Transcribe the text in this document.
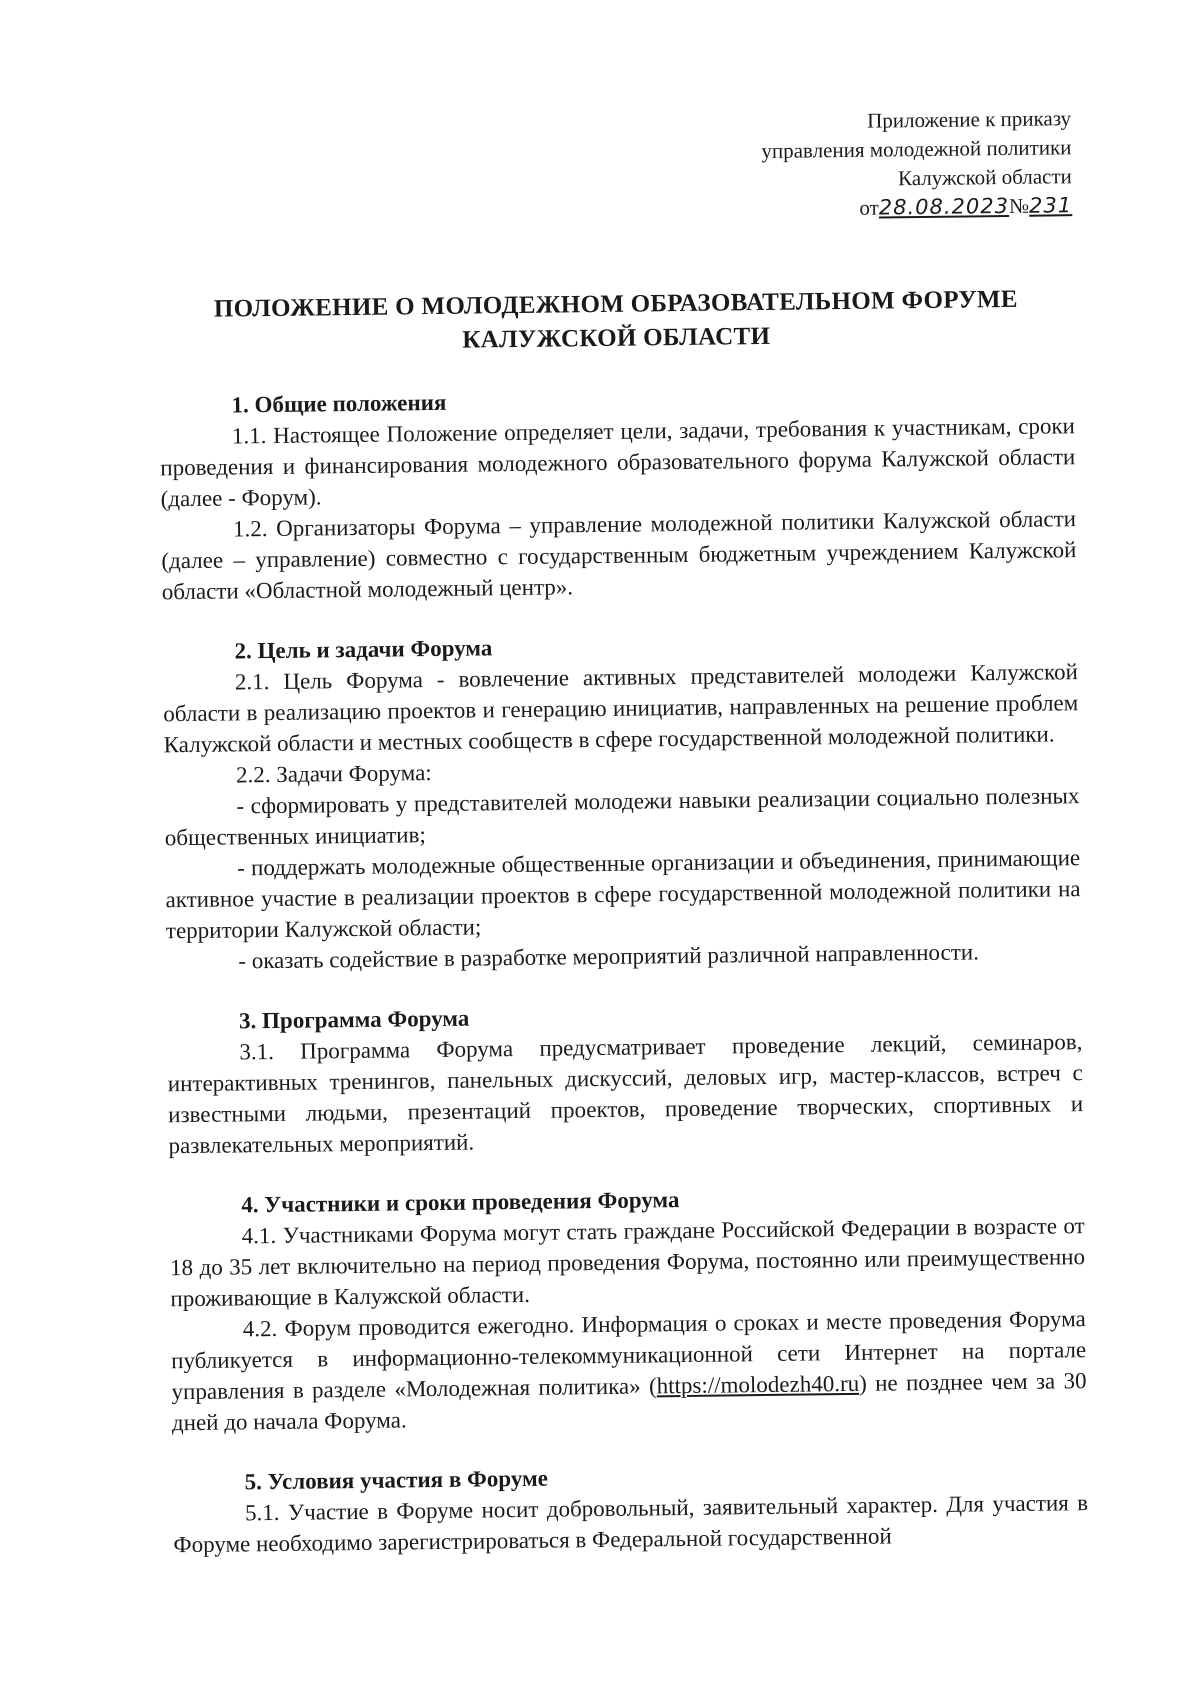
Приложение к приказу
управления молодежной политики
Калужской области
от28.08.2023№231
ПОЛОЖЕНИЕ О МОЛОДЕЖНОМ ОБРАЗОВАТЕЛЬНОМ ФОРУМЕ
КАЛУЖСКОЙ ОБЛАСТИ
1. Общие положения

1.1. Настоящее Положение определяет цели, задачи, требования к участникам, сроки проведения и финансирования молодежного образовательного форума Калужской области (далее - Форум).

1.2. Организаторы Форума – управление молодежной политики Калужской области (далее – управление) совместно с государственным бюджетным учреждением Калужской области «Областной молодежный центр».

2. Цель и задачи Форума

2.1. Цель Форума - вовлечение активных представителей молодежи Калужской области в реализацию проектов и генерацию инициатив, направленных на решение проблем Калужской области и местных сообществ в сфере государственной молодежной политики.

2.2. Задачи Форума:

- сформировать у представителей молодежи навыки реализации социально полезных общественных инициатив;

- поддержать молодежные общественные организации и объединения, принимающие активное участие в реализации проектов в сфере государственной молодежной политики на территории Калужской области;

- оказать содействие в разработке мероприятий различной направленности.

3. Программа Форума

3.1. Программа Форума предусматривает проведение лекций, семинаров, интерактивных тренингов, панельных дискуссий, деловых игр, мастер-классов, встреч с известными людьми, презентаций проектов, проведение творческих, спортивных и развлекательных мероприятий.

4. Участники и сроки проведения Форума

4.1. Участниками Форума могут стать граждане Российской Федерации в возрасте от 18 до 35 лет включительно на период проведения Форума, постоянно или преимущественно проживающие в Калужской области.

4.2. Форум проводится ежегодно. Информация о сроках и месте проведения Форума публикуется в информационно-телекоммуникационной сети Интернет на портале управления в разделе «Молодежная политика» (https://molodezh40.ru) не позднее чем за 30 дней до начала Форума.

5. Условия участия в Форуме

5.1. Участие в Форуме носит добровольный, заявительный характер. Для участия в Форуме необходимо зарегистрироваться в Федеральной государственной
